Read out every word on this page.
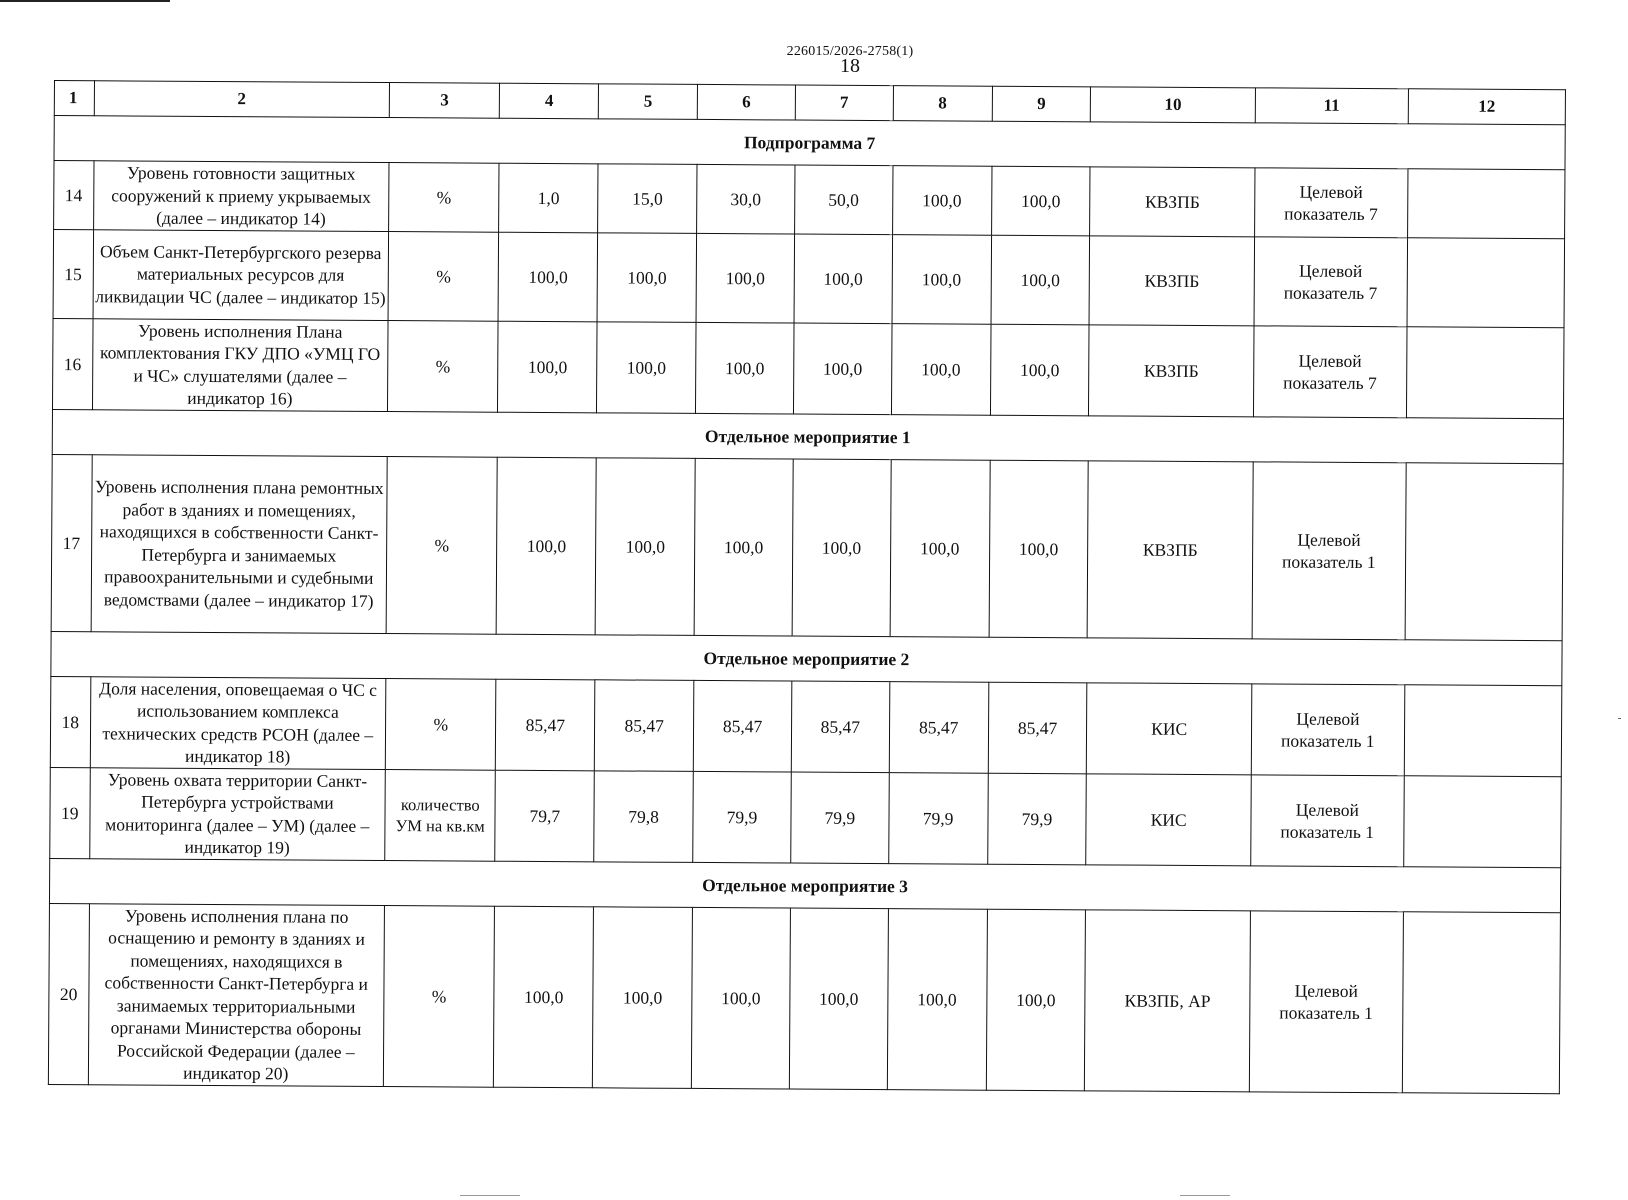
226015/2026-2758(1)
18
1	2	3	4	5	6	7	8	9	10	11	12
Подпрограмма 7											
14	Уровень готовности защитных сооружений к приему укрываемых (далее – индикатор 14)	%	1,0	15,0	30,0	50,0	100,0	100,0	КВЗПБ	Целевой показатель 7	
15	Объем Санкт-Петербургского резерва материальных ресурсов для ликвидации ЧС (далее – индикатор 15)	%	100,0	100,0	100,0	100,0	100,0	100,0	КВЗПБ	Целевой показатель 7	
16	Уровень исполнения Плана комплектования ГКУ ДПО «УМЦ ГО и ЧС» слушателями (далее – индикатор 16)	%	100,0	100,0	100,0	100,0	100,0	100,0	КВЗПБ	Целевой показатель 7	
Отдельное мероприятие 1											
17	Уровень исполнения плана ремонтных работ в зданиях и помещениях, находящихся в собственности Санкт-Петербурга и занимаемых правоохранительными и судебными ведомствами (далее – индикатор 17)	%	100,0	100,0	100,0	100,0	100,0	100,0	КВЗПБ	Целевой показатель 1	
Отдельное мероприятие 2											
18	Доля населения, оповещаемая о ЧС с использованием комплекса технических средств РСОН (далее – индикатор 18)	%	85,47	85,47	85,47	85,47	85,47	85,47	КИС	Целевой показатель 1	
19	Уровень охвата территории Санкт-Петербурга устройствами мониторинга (далее – УМ) (далее – индикатор 19)	количество УМ на кв.км	79,7	79,8	79,9	79,9	79,9	79,9	КИС	Целевой показатель 1	
Отдельное мероприятие 3											
20	Уровень исполнения плана по оснащению и ремонту в зданиях и помещениях, находящихся в собственности Санкт-Петербурга и занимаемых территориальными органами Министерства обороны Российской Федерации (далее – индикатор 20)	%	100,0	100,0	100,0	100,0	100,0	100,0	КВЗПБ, АР	Целевой показатель 1	
